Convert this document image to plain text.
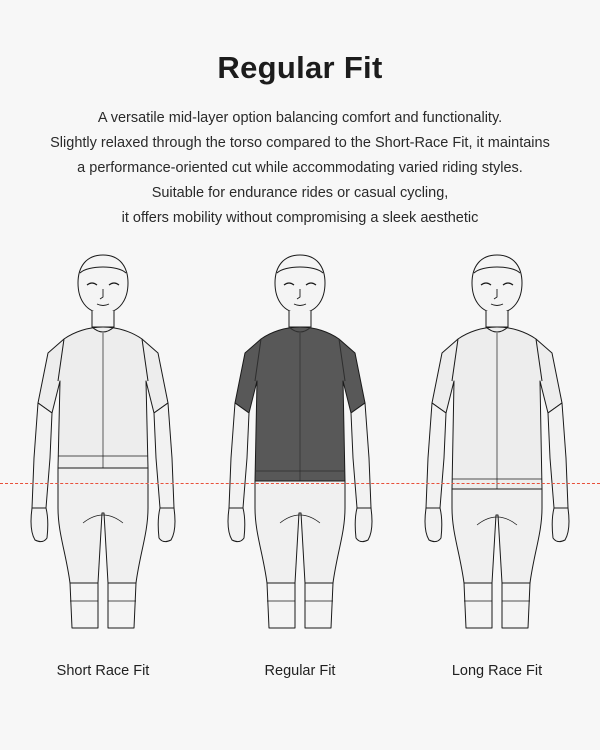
Regular Fit
A versatile mid-layer option balancing comfort and functionality.
Slightly relaxed through the torso compared to the Short-Race Fit, it maintains
a performance-oriented cut while accommodating varied riding styles.
Suitable for endurance rides or casual cycling,
it offers mobility without compromising a sleek aesthetic
Short Race Fit	Regular Fit	Long Race Fit
